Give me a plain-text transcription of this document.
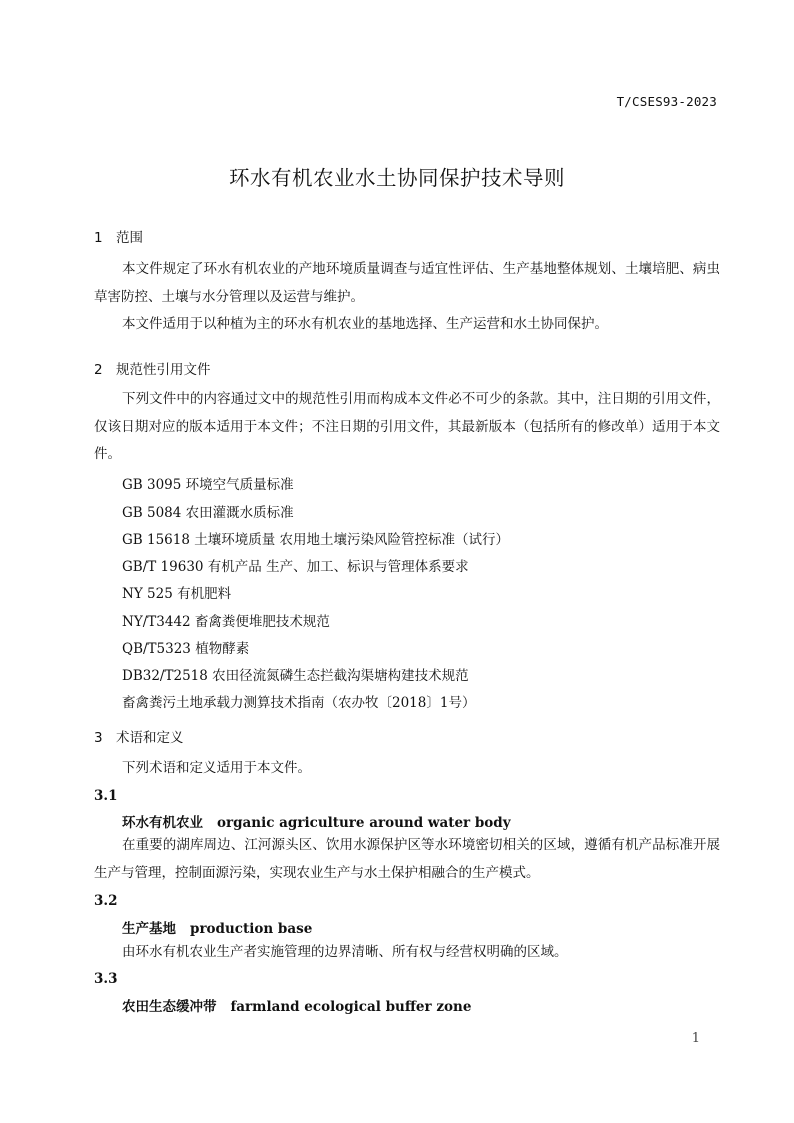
T/CSES93-2023
环水有机农业水土协同保护技术导则
1 范围
本文件规定了环水有机农业的产地环境质量调查与适宜性评估、生产基地整体规划、土壤培肥、病虫草害防控、土壤与水分管理以及运营与维护。
本文件适用于以种植为主的环水有机农业的基地选择、生产运营和水土协同保护。
2 规范性引用文件
下列文件中的内容通过文中的规范性引用而构成本文件必不可少的条款。其中，注日期的引用文件，仅该日期对应的版本适用于本文件；不注日期的引用文件，其最新版本（包括所有的修改单）适用于本文件。
GB 3095 环境空气质量标准
GB 5084 农田灌溉水质标准
GB 15618 土壤环境质量 农用地土壤污染风险管控标准（试行）
GB/T 19630 有机产品 生产、加工、标识与管理体系要求
NY 525 有机肥料
NY/T3442 畜禽粪便堆肥技术规范
QB/T5323 植物酵素
DB32/T2518 农田径流氮磷生态拦截沟渠塘构建技术规范
畜禽粪污土地承载力测算技术指南（农办牧〔2018〕1号）
3 术语和定义
下列术语和定义适用于本文件。
3.1
环水有机农业 organic agriculture around water body
在重要的湖库周边、江河源头区、饮用水源保护区等水环境密切相关的区域，遵循有机产品标准开展生产与管理，控制面源污染，实现农业生产与水土保护相融合的生产模式。
3.2
生产基地 production base
由环水有机农业生产者实施管理的边界清晰、所有权与经营权明确的区域。
3.3
农田生态缓冲带 farmland ecological buffer zone
1
